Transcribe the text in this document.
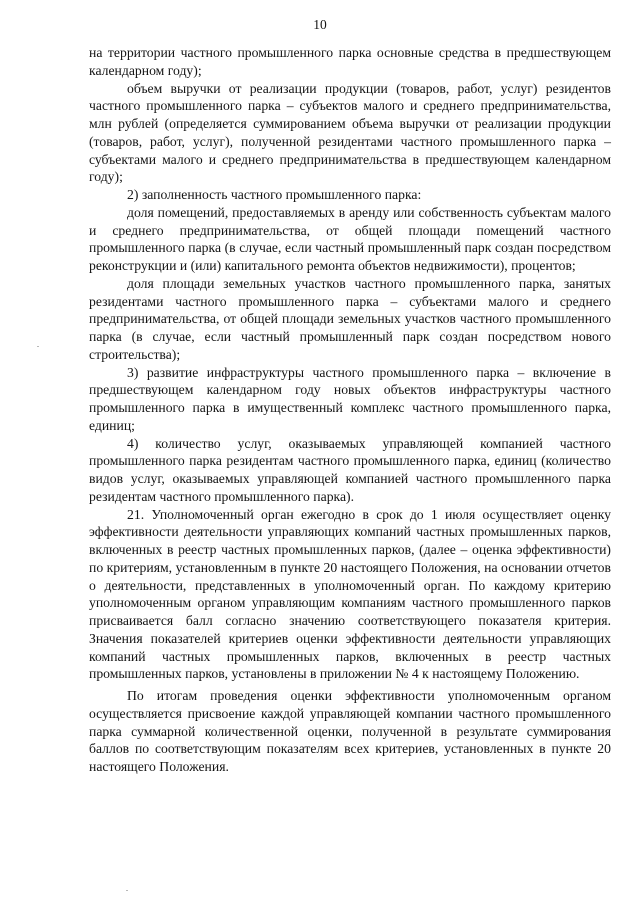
10

на территории частного промышленного парка основные средства в предшествующем календарном году);

объем выручки от реализации продукции (товаров, работ, услуг) резидентов частного промышленного парка – субъектов малого и среднего предпринимательства, млн рублей (определяется суммированием объема выручки от реализации продукции (товаров, работ, услуг), полученной резидентами частного промышленного парка – субъектами малого и среднего предпринимательства в предшествующем календарном году);

2) заполненность частного промышленного парка:

доля помещений, предоставляемых в аренду или собственность субъектам малого и среднего предпринимательства, от общей площади помещений частного промышленного парка (в случае, если частный промышленный парк создан посредством реконструкции и (или) капитального ремонта объектов недвижимости), процентов;

доля площади земельных участков частного промышленного парка, занятых резидентами частного промышленного парка – субъектами малого и среднего предпринимательства, от общей площади земельных участков частного промышленного парка (в случае, если частный промышленный парк создан посредством нового строительства);

3) развитие инфраструктуры частного промышленного парка – включение в предшествующем календарном году новых объектов инфраструктуры частного промышленного парка в имущественный комплекс частного промышленного парка, единиц;

4) количество услуг, оказываемых управляющей компанией частного промышленного парка резидентам частного промышленного парка, единиц (количество видов услуг, оказываемых управляющей компанией частного промышленного парка резидентам частного промышленного парка).

21. Уполномоченный орган ежегодно в срок до 1 июля осуществляет оценку эффективности деятельности управляющих компаний частных промышленных парков, включенных в реестр частных промышленных парков, (далее – оценка эффективности) по критериям, установленным в пункте 20 настоящего Положения, на основании отчетов о деятельности, представленных в уполномоченный орган. По каждому критерию уполномоченным органом управляющим компаниям частного промышленного парков присваивается балл согласно значению соответствующего показателя критерия. Значения показателей критериев оценки эффективности деятельности управляющих компаний частных промышленных парков, включенных в реестр частных промышленных парков, установлены в приложении № 4 к настоящему Положению.

По итогам проведения оценки эффективности уполномоченным органом осуществляется присвоение каждой управляющей компании частного промышленного парка суммарной количественной оценки, полученной в результате суммирования баллов по соответствующим показателям всех критериев, установленных в пункте 20 настоящего Положения.
